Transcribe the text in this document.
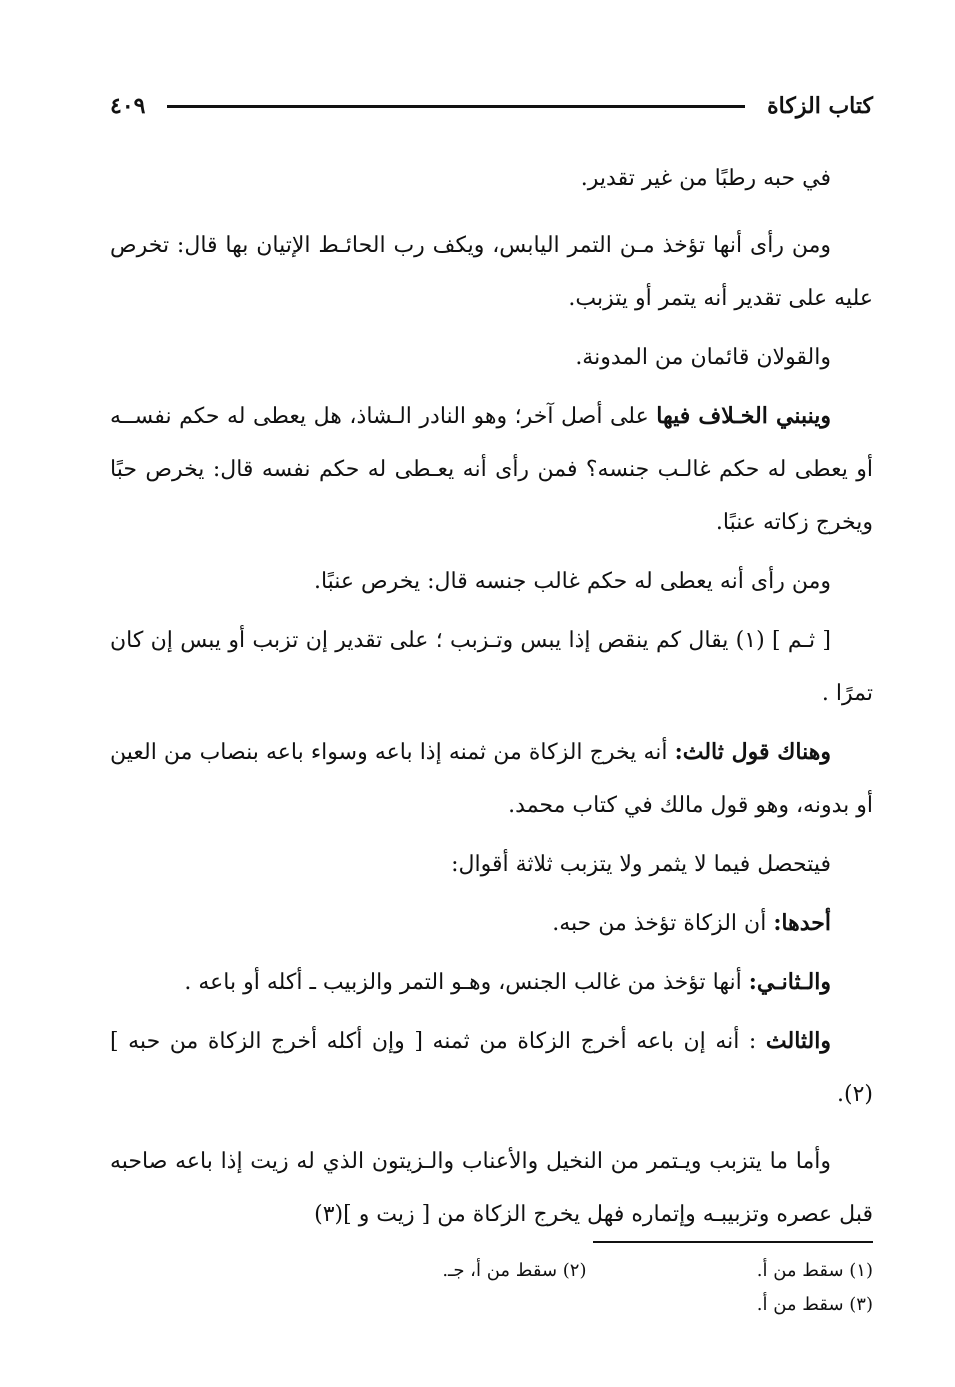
كتاب الزكاة
٤٠٩

في حبه رطبًا من غير تقدير.

ومن رأى أنها تؤخذ مـن التمر اليابس، ويكف رب الحائـط الإتيان بها قال: تخرص عليه على تقدير أنه يتمر أو يتزبب.

والقولان قائمان من المدونة.

وينبني الخـلاف فيها على أصل آخر؛ وهو النادر الـشاذ، هل يعطى له حكم نفســه أو يعطى له حكم غالـب جنسه؟ فمن رأى أنه يعـطى له حكم نفسه قال: يخرص حبًا ويخرج زكاته عنبًا.

ومن رأى أنه يعطى له حكم غالب جنسه قال: يخرص عنبًا.

[ ثـم ] (١) يقال كم ينقص إذا يبس وتـزبب ؛ على تقدير إن تزبب أو يبس إن كان تمرًا .

وهناك قول ثالث: أنه يخرج الزكاة من ثمنه إذا باعه وسواء باعه بنصاب من العين أو بدونه، وهو قول مالك في كتاب محمد.

فيتحصل فيما لا يثمر ولا يتزبب ثلاثة أقوال:

أحدها: أن الزكاة تؤخذ من حبه.

والـثانـي: أنها تؤخذ من غالب الجنس، وهـو التمر والزبيب ـ أكله أو باعه .

والثالث : أنه إن باعه أخرج الزكاة من ثمنه [ وإن أكله أخرج الزكاة من حبه ] (٢).

وأما ما يتزبب ويـتمر من النخيل والأعناب والـزيتون الذي له زيت إذا باعه صاحبه قبل عصره وتزبيبـه وإتماره فهل يخرج الزكاة من [ زيت و ](٣)

(١) سقط من أ.
(٢) سقط من أ، جـ.
(٣) سقط من أ.
